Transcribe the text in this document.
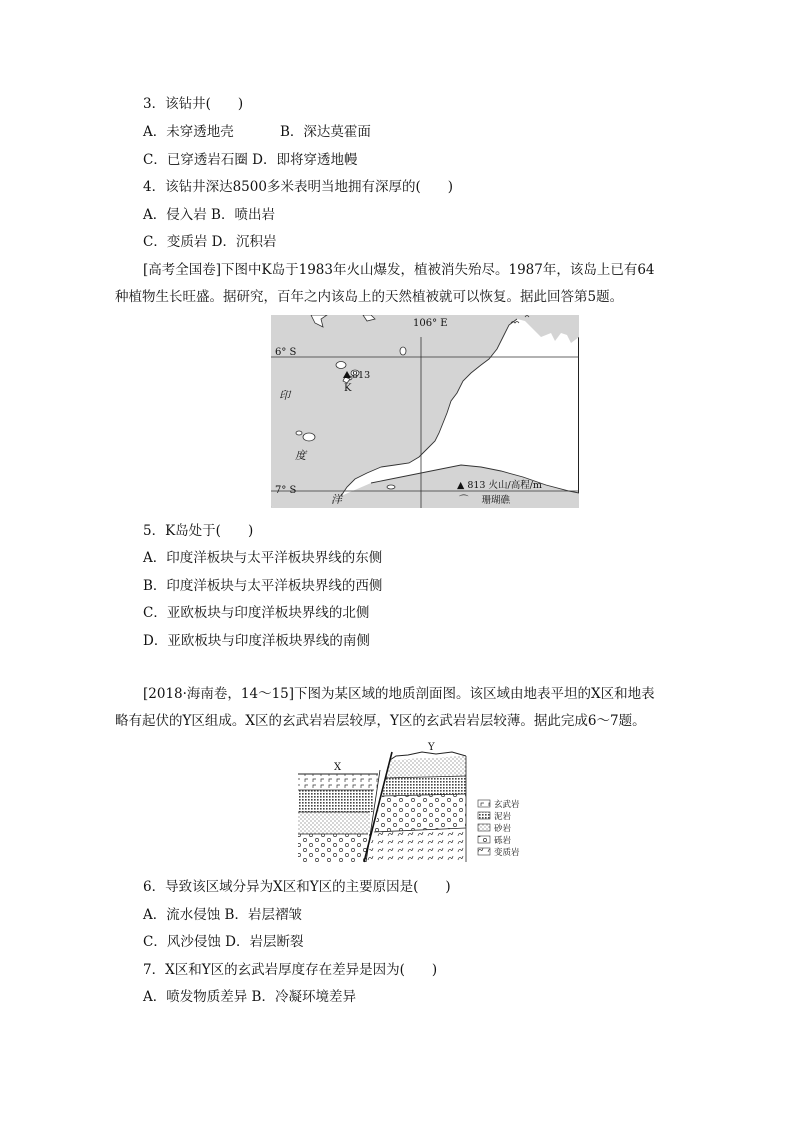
3．该钻井(　　)
A．未穿透地壳	B．深达莫霍面
C．已穿透岩石圈 D．即将穿透地幔
4．该钻井深达8500多米表明当地拥有深厚的(　　)
A．侵入岩 B．喷出岩
C．变质岩 D．沉积岩
[高考全国卷]下图中K岛于1983年火山爆发，植被消失殆尽。1987年，该岛上已有64
种植物生长旺盛。据研究，百年之内该岛上的天然植被就可以恢复。据此回答第5题。
106° E
6° S
7° S
813
K
印
度
洋
▲ 813 火山/高程/m
⌒ 珊瑚礁
5．K岛处于(　　)
A．印度洋板块与太平洋板块界线的东侧
B．印度洋板块与太平洋板块界线的西侧
C．亚欧板块与印度洋板块界线的北侧
D．亚欧板块与印度洋板块界线的南侧
[2018·海南卷，14～15]下图为某区域的地质剖面图。该区域由地表平坦的X区和地表
略有起伏的Y区组成。X区的玄武岩岩层较厚，Y区的玄武岩岩层较薄。据此完成6～7题。
X
Y
玄武岩
泥岩
砂岩
砾岩
变质岩
6．导致该区域分异为X区和Y区的主要原因是(　　)
A．流水侵蚀 B．岩层褶皱
C．风沙侵蚀 D．岩层断裂
7．X区和Y区的玄武岩厚度存在差异是因为(　　)
A．喷发物质差异 B．冷凝环境差异
